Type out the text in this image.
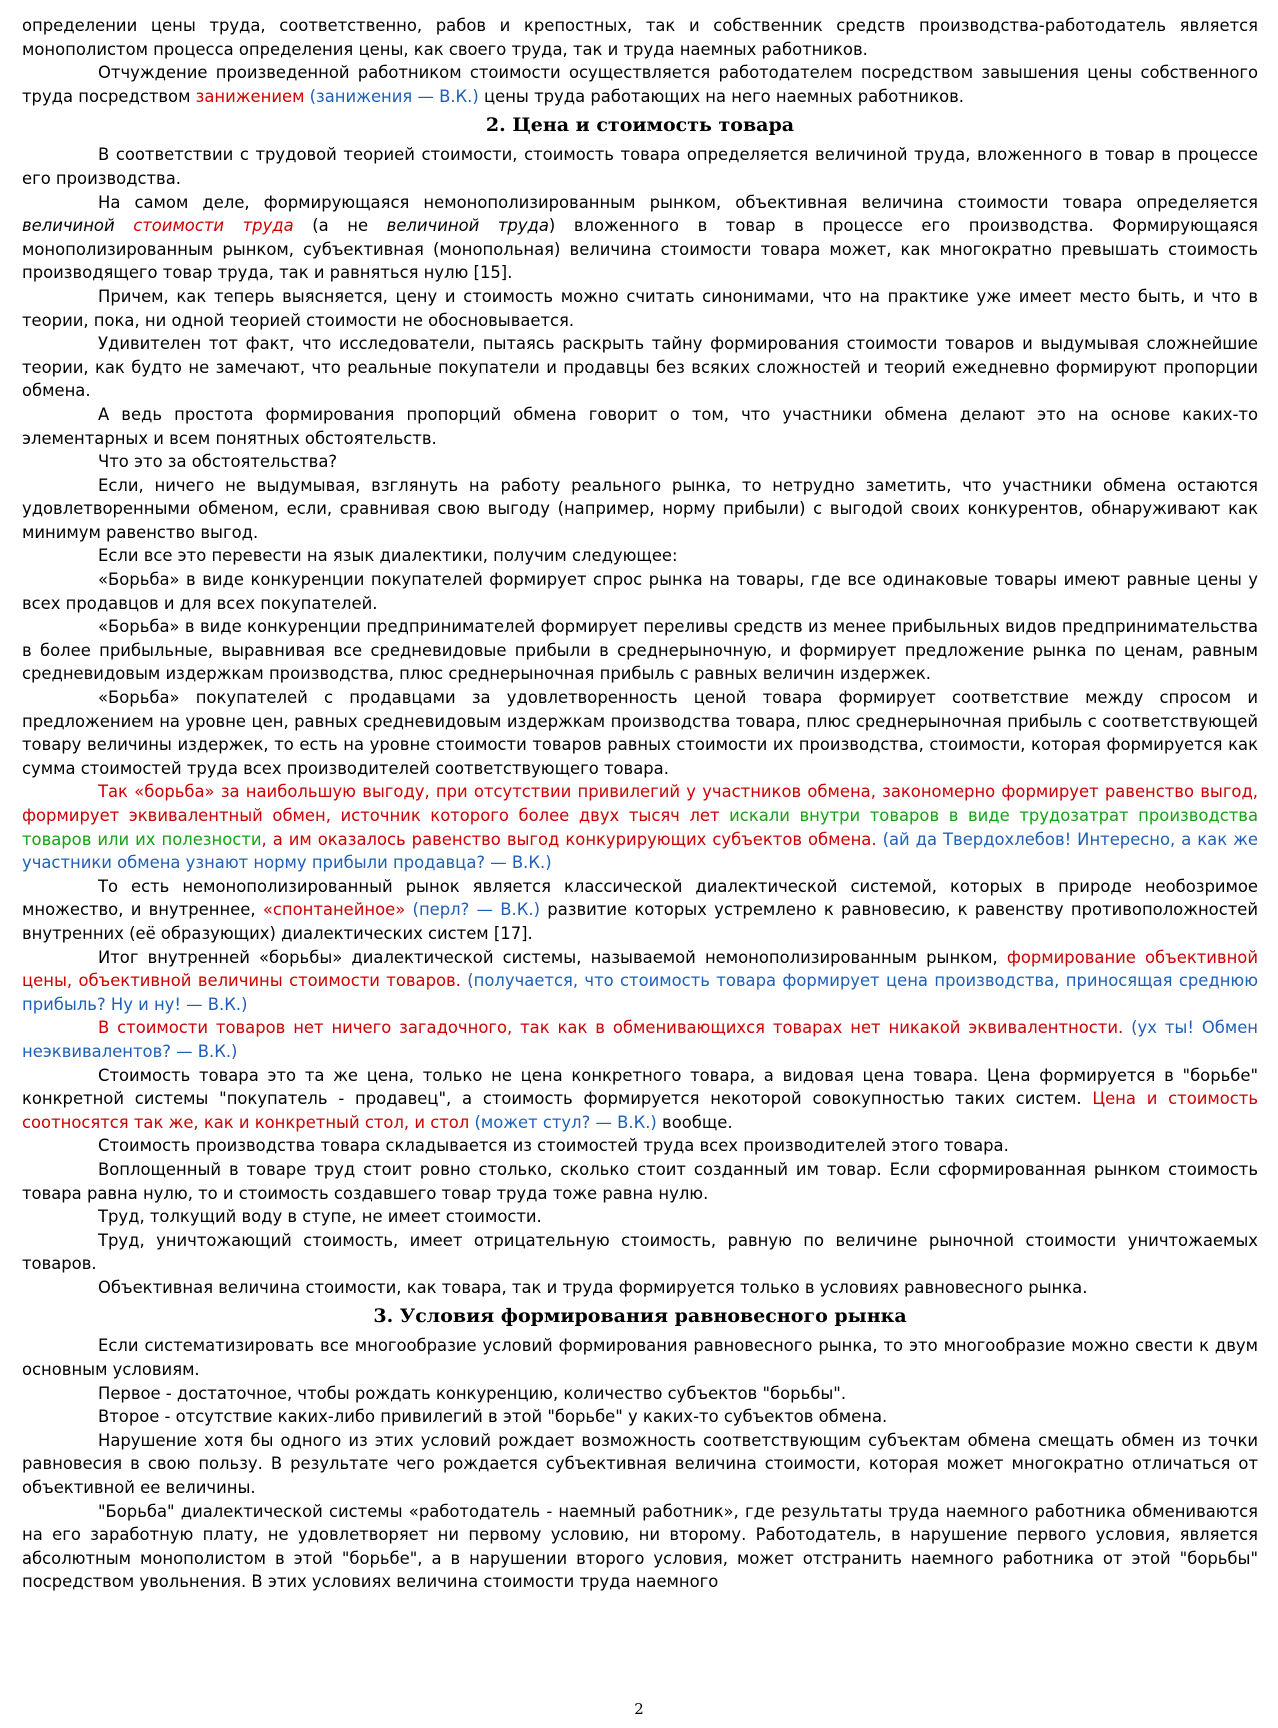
определении цены труда, соответственно, рабов и крепостных, так и собственник средств производства-работодатель является монополистом процесса определения цены, как своего труда, так и труда наемных работников.

Отчуждение произведенной работником стоимости осуществляется работодателем посредством завышения цены собственного труда посредством занижением (занижения — В.К.) цены труда работающих на него наемных работников.

2. Цена и стоимость товара

В соответствии с трудовой теорией стоимости, стоимость товара определяется величиной труда, вложенного в товар в процессе его производства.

На самом деле, формирующаяся немонополизированным рынком, объективная величина стоимости товара определяется величиной стоимости труда (а не величиной труда) вложенного в товар в процессе его производства. Формирующаяся монополизированным рынком, субъективная (монопольная) величина стоимости товара может, как многократно превышать стоимость производящего товар труда, так и равняться нулю [15].

Причем, как теперь выясняется, цену и стоимость можно считать синонимами, что на практике уже имеет место быть, и что в теории, пока, ни одной теорией стоимости не обосновывается.

Удивителен тот факт, что исследователи, пытаясь раскрыть тайну формирования стоимости товаров и выдумывая сложнейшие теории, как будто не замечают, что реальные покупатели и продавцы без всяких сложностей и теорий ежедневно формируют пропорции обмена.

А ведь простота формирования пропорций обмена говорит о том, что участники обмена делают это на основе каких-то элементарных и всем понятных обстоятельств.

Что это за обстоятельства?

Если, ничего не выдумывая, взглянуть на работу реального рынка, то нетрудно заметить, что участники обмена остаются удовлетворенными обменом, если, сравнивая свою выгоду (например, норму прибыли) с выгодой своих конкурентов, обнаруживают как минимум равенство выгод.

Если все это перевести на язык диалектики, получим следующее:

«Борьба» в виде конкуренции покупателей формирует спрос рынка на товары, где все одинаковые товары имеют равные цены у всех продавцов и для всех покупателей.

«Борьба» в виде конкуренции предпринимателей формирует переливы средств из менее прибыльных видов предпринимательства в более прибыльные, выравнивая все средневидовые прибыли в среднерыночную, и формирует предложение рынка по ценам, равным средневидовым издержкам производства, плюс среднерыночная прибыль с равных величин издержек.

«Борьба» покупателей с продавцами за удовлетворенность ценой товара формирует соответствие между спросом и предложением на уровне цен, равных средневидовым издержкам производства товара, плюс среднерыночная прибыль с соответствующей товару величины издержек, то есть на уровне стоимости товаров равных стоимости их производства, стоимости, которая формируется как сумма стоимостей труда всех производителей соответствующего товара.

Так «борьба» за наибольшую выгоду, при отсутствии привилегий у участников обмена, закономерно формирует равенство выгод, формирует эквивалентный обмен, источник которого более двух тысяч лет искали внутри товаров в виде трудозатрат производства товаров или их полезности, а им оказалось равенство выгод конкурирующих субъектов обмена. (ай да Твердохлебов! Интересно, а как же участники обмена узнают норму прибыли продавца? — В.К.)

То есть немонополизированный рынок является классической диалектической системой, которых в природе необозримое множество, и внутреннее, «спонтанейное» (перл? — В.К.) развитие которых устремлено к равновесию, к равенству противоположностей внутренних (её образующих) диалектических систем [17].

Итог внутренней «борьбы» диалектической системы, называемой немонополизированным рынком, формирование объективной цены, объективной величины стоимости товаров. (получается, что стоимость товара формирует цена производства, приносящая среднюю прибыль? Ну и ну! — В.К.)

В стоимости товаров нет ничего загадочного, так как в обменивающихся товарах нет никакой эквивалентности. (ух ты! Обмен неэквивалентов? — В.К.)

Стоимость товара это та же цена, только не цена конкретного товара, а видовая цена товара. Цена формируется в "борьбе" конкретной системы "покупатель - продавец", а стоимость формируется некоторой совокупностью таких систем. Цена и стоимость соотносятся так же, как и конкретный стол, и стол (может стул? — В.К.) вообще.

Стоимость производства товара складывается из стоимостей труда всех производителей этого товара.

Воплощенный в товаре труд стоит ровно столько, сколько стоит созданный им товар. Если сформированная рынком стоимость товара равна нулю, то и стоимость создавшего товар труда тоже равна нулю.

Труд, толкущий воду в ступе, не имеет стоимости.

Труд, уничтожающий стоимость, имеет отрицательную стоимость, равную по величине рыночной стоимости уничтожаемых товаров.

Объективная величина стоимости, как товара, так и труда формируется только в условиях равновесного рынка.

3. Условия формирования равновесного рынка

Если систематизировать все многообразие условий формирования равновесного рынка, то это многообразие можно свести к двум основным условиям.

Первое - достаточное, чтобы рождать конкуренцию, количество субъектов "борьбы".

Второе - отсутствие каких-либо привилегий в этой "борьбе" у каких-то субъектов обмена.

Нарушение хотя бы одного из этих условий рождает возможность соответствующим субъектам обмена смещать обмен из точки равновесия в свою пользу. В результате чего рождается субъективная величина стоимости, которая может многократно отличаться от объективной ее величины.

"Борьба" диалектической системы «работодатель - наемный работник», где результаты труда наемного работника обмениваются на его заработную плату, не удовлетворяет ни первому условию, ни второму. Работодатель, в нарушение первого условия, является абсолютным монополистом в этой "борьбе", а в нарушении второго условия, может отстранить наемного работника от этой "борьбы" посредством увольнения. В этих условиях величина стоимости труда наемного

2
